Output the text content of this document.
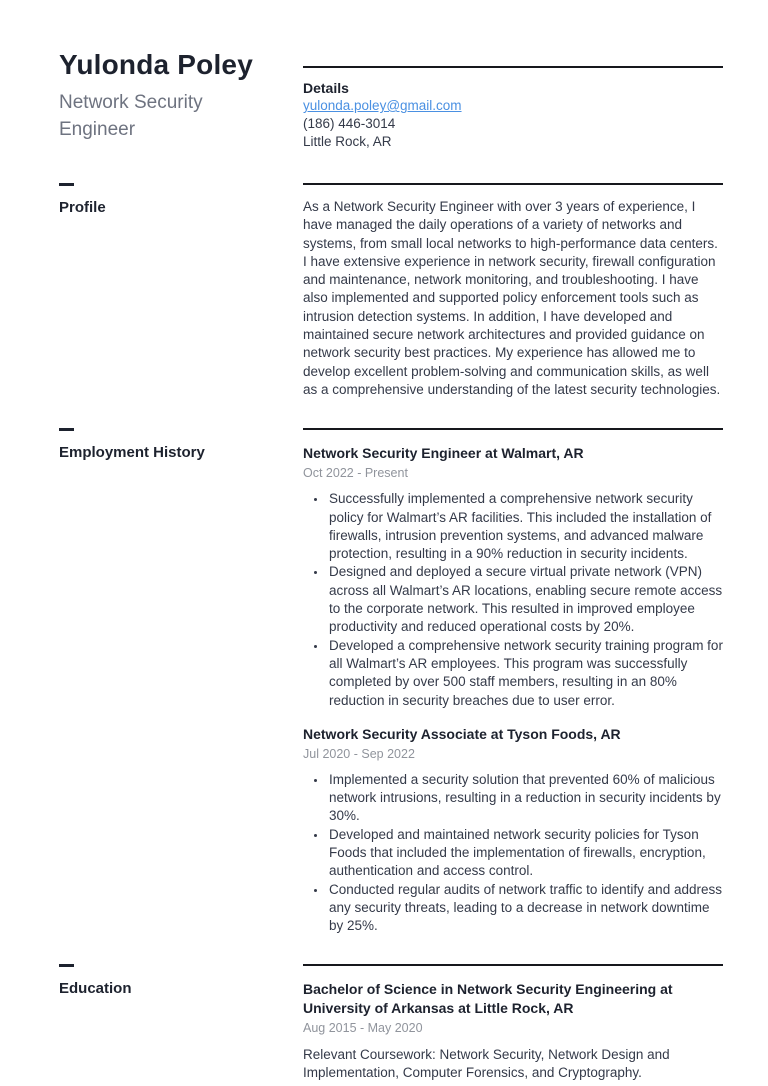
Yulonda Poley
Network Security Engineer
Details
yulonda.poley@gmail.com
(186) 446-3014
Little Rock, AR
Profile	As a Network Security Engineer with over 3 years of experience, I have managed the daily operations of a variety of networks and systems, from small local networks to high-performance data centers. I have extensive experience in network security, firewall configuration and maintenance, network monitoring, and troubleshooting. I have also implemented and supported policy enforcement tools such as intrusion detection systems. In addition, I have developed and maintained secure network architectures and provided guidance on network security best practices. My experience has allowed me to develop excellent problem-solving and communication skills, as well as a comprehensive understanding of the latest security technologies.

Employment History	Network Security Engineer at Walmart, AR
Oct 2022 - Present
• Successfully implemented a comprehensive network security policy for Walmart’s AR facilities. This included the installation of firewalls, intrusion prevention systems, and advanced malware protection, resulting in a 90% reduction in security incidents.
• Designed and deployed a secure virtual private network (VPN) across all Walmart’s AR locations, enabling secure remote access to the corporate network. This resulted in improved employee productivity and reduced operational costs by 20%.
• Developed a comprehensive network security training program for all Walmart’s AR employees. This program was successfully completed by over 500 staff members, resulting in an 80% reduction in security breaches due to user error.
Network Security Associate at Tyson Foods, AR
Jul 2020 - Sep 2022
• Implemented a security solution that prevented 60% of malicious network intrusions, resulting in a reduction in security incidents by 30%.
• Developed and maintained network security policies for Tyson Foods that included the implementation of firewalls, encryption, authentication and access control.
• Conducted regular audits of network traffic to identify and address any security threats, leading to a decrease in network downtime by 25%.
Education	Bachelor of Science in Network Security Engineering at University of Arkansas at Little Rock, AR
Aug 2015 - May 2020

Relevant Coursework: Network Security, Network Design and Implementation, Computer Forensics, and Cryptography.
